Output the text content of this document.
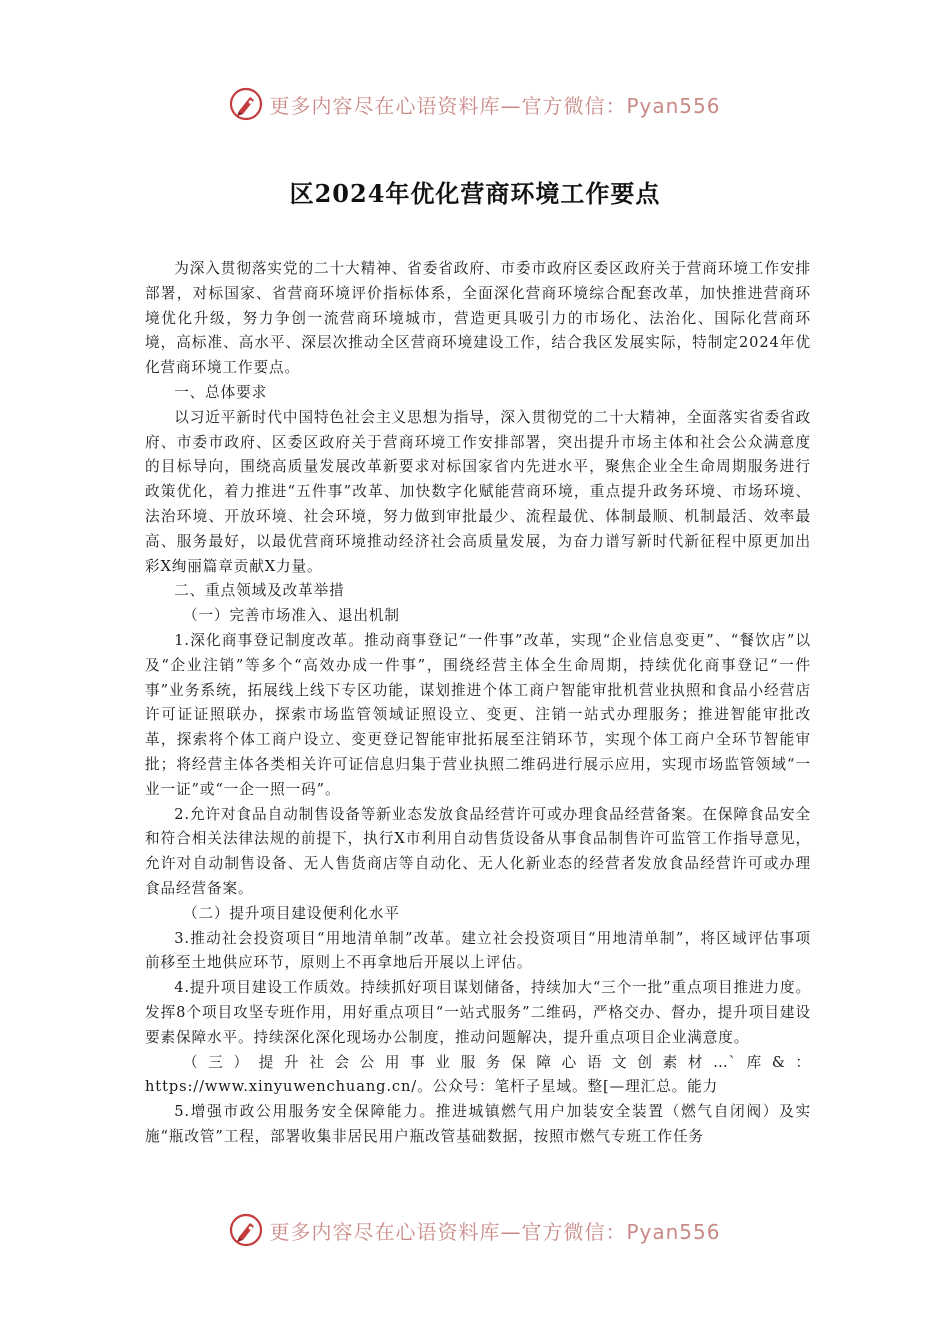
更多内容尽在心语资料库—官方微信：Pyan556
区2024年优化营商环境工作要点

为深入贯彻落实党的二十大精神、省委省政府、市委市政府区委区政府关于营商环境工作安排部署，对标国家、省营商环境评价指标体系，全面深化营商环境综合配套改革，加快推进营商环境优化升级，努力争创一流营商环境城市，营造更具吸引力的市场化、法治化、国际化营商环境，高标准、高水平、深层次推动全区营商环境建设工作，结合我区发展实际，特制定2024年优化营商环境工作要点。

一、总体要求

以习近平新时代中国特色社会主义思想为指导，深入贯彻党的二十大精神，全面落实省委省政府、市委市政府、区委区政府关于营商环境工作安排部署，突出提升市场主体和社会公众满意度的目标导向，围绕高质量发展改革新要求对标国家省内先进水平，聚焦企业全生命周期服务进行政策优化，着力推进“五件事”改革、加快数字化赋能营商环境，重点提升政务环境、市场环境、法治环境、开放环境、社会环境，努力做到审批最少、流程最优、体制最顺、机制最活、效率最高、服务最好，以最优营商环境推动经济社会高质量发展，为奋力谱写新时代新征程中原更加出彩X绚丽篇章贡献X力量。

二、重点领域及改革举措

（一）完善市场准入、退出机制

1.深化商事登记制度改革。推动商事登记“一件事”改革，实现“企业信息变更”、“餐饮店”以及“企业注销”等多个“高效办成一件事”，围绕经营主体全生命周期，持续优化商事登记“一件事”业务系统，拓展线上线下专区功能，谋划推进个体工商户智能审批机营业执照和食品小经营店许可证证照联办，探索市场监管领域证照设立、变更、注销一站式办理服务；推进智能审批改革，探索将个体工商户设立、变更登记智能审批拓展至注销环节，实现个体工商户全环节智能审批；将经营主体各类相关许可证信息归集于营业执照二维码进行展示应用，实现市场监管领域“一业一证”或“一企一照一码”。

2.允许对食品自动制售设备等新业态发放食品经营许可或办理食品经营备案。在保障食品安全和符合相关法律法规的前提下，执行X市利用自动售货设备从事食品制售许可监管工作指导意见，允许对自动制售设备、无人售货商店等自动化、无人化新业态的经营者发放食品经营许可或办理食品经营备案。

（二）提升项目建设便利化水平

3.推动社会投资项目“用地清单制”改革。建立社会投资项目“用地清单制”，将区域评估事项前移至土地供应环节，原则上不再拿地后开展以上评估。

4.提升项目建设工作质效。持续抓好项目谋划储备，持续加大“三个一批”重点项目推进力度。发挥8个项目攻坚专班作用，用好重点项目“一站式服务”二维码，严格交办、督办，提升项目建设要素保障水平。持续深化深化现场办公制度，推动问题解决，提升重点项目企业满意度。

（三）提升社会公用事业服务保障心语文创素材…`库&：https://www.xinyuwenchuang.cn/。公众号：笔杆子星域。整[—理汇总。能力

5.增强市政公用服务安全保障能力。推进城镇燃气用户加装安全装置（燃气自闭阀）及实施“瓶改管”工程，部署收集非居民用户瓶改管基础数据，按照市燃气专班工作任务

更多内容尽在心语资料库—官方微信：Pyan556
